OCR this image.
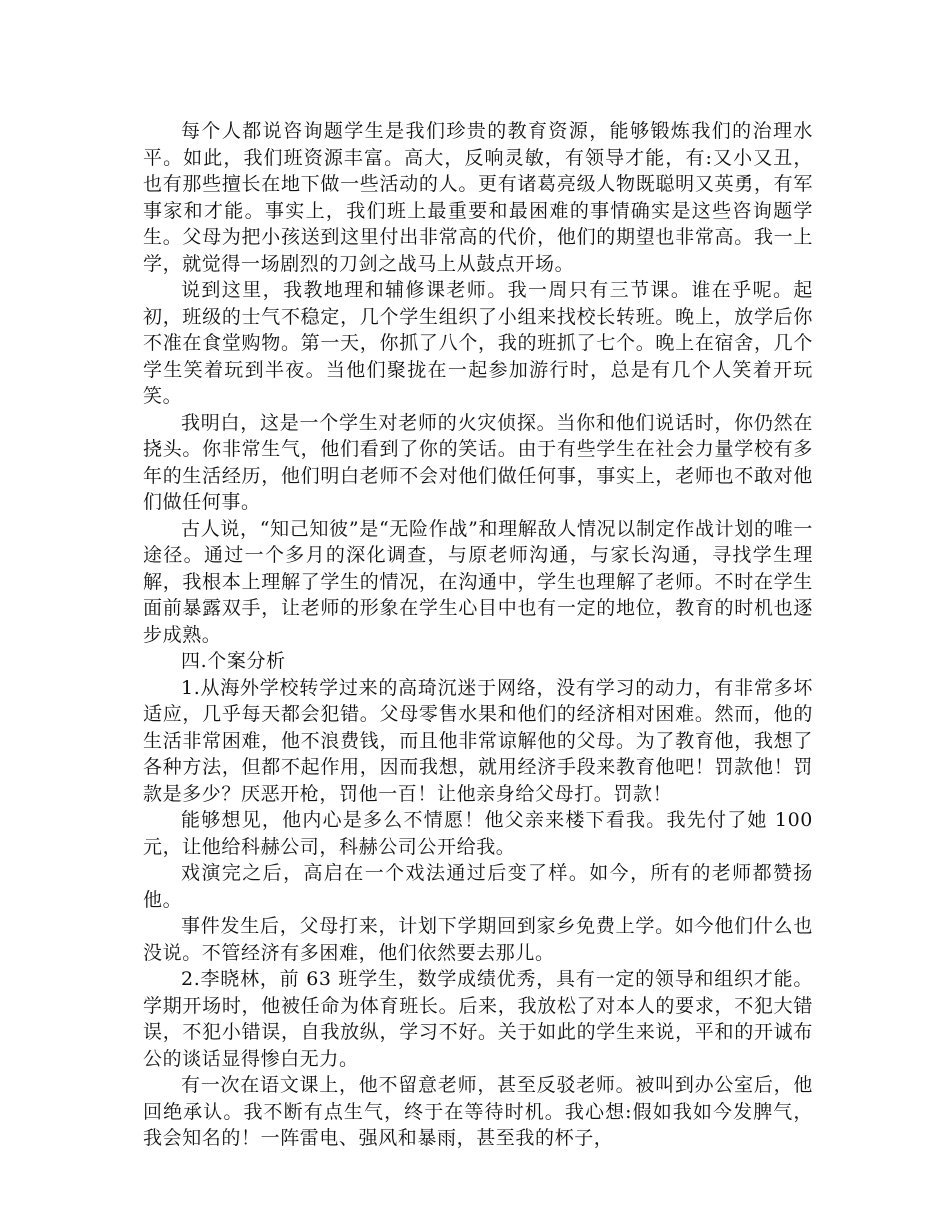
每个人都说咨询题学生是我们珍贵的教育资源，能够锻炼我们的治理水平。如此，我们班资源丰富。高大，反响灵敏，有领导才能，有:又小又丑，也有那些擅长在地下做一些活动的人。更有诸葛亮级人物既聪明又英勇，有军事家和才能。事实上，我们班上最重要和最困难的事情确实是这些咨询题学生。父母为把小孩送到这里付出非常高的代价，他们的期望也非常高。我一上学，就觉得一场剧烈的刀剑之战马上从鼓点开场。

说到这里，我教地理和辅修课老师。我一周只有三节课。谁在乎呢。起初，班级的士气不稳定，几个学生组织了小组来找校长转班。晚上，放学后你不准在食堂购物。第一天，你抓了八个，我的班抓了七个。晚上在宿舍，几个学生笑着玩到半夜。当他们聚拢在一起参加游行时，总是有几个人笑着开玩笑。

我明白，这是一个学生对老师的火灾侦探。当你和他们说话时，你仍然在挠头。你非常生气，他们看到了你的笑话。由于有些学生在社会力量学校有多年的生活经历，他们明白老师不会对他们做任何事，事实上，老师也不敢对他们做任何事。

古人说，“知己知彼”是“无险作战”和理解敌人情况以制定作战计划的唯一途径。通过一个多月的深化调查，与原老师沟通，与家长沟通，寻找学生理解，我根本上理解了学生的情况，在沟通中，学生也理解了老师。不时在学生面前暴露双手，让老师的形象在学生心目中也有一定的地位，教育的时机也逐步成熟。

四.个案分析

1.从海外学校转学过来的高琦沉迷于网络，没有学习的动力，有非常多坏适应，几乎每天都会犯错。父母零售水果和他们的经济相对困难。然而，他的生活非常困难，他不浪费钱，而且他非常谅解他的父母。为了教育他，我想了各种方法，但都不起作用，因而我想，就用经济手段来教育他吧！罚款他！罚款是多少？厌恶开枪，罚他一百！让他亲身给父母打。罚款！

能够想见，他内心是多么不情愿！他父亲来楼下看我。我先付了她 100 元，让他给科赫公司，科赫公司公开给我。

戏演完之后，高启在一个戏法通过后变了样。如今，所有的老师都赞扬他。

事件发生后，父母打来，计划下学期回到家乡免费上学。如今他们什么也没说。不管经济有多困难，他们依然要去那儿。

2.李晓林，前 63 班学生，数学成绩优秀，具有一定的领导和组织才能。学期开场时，他被任命为体育班长。后来，我放松了对本人的要求，不犯大错误，不犯小错误，自我放纵，学习不好。关于如此的学生来说，平和的开诚布公的谈话显得惨白无力。

有一次在语文课上，他不留意老师，甚至反驳老师。被叫到办公室后，他回绝承认。我不断有点生气，终于在等待时机。我心想:假如我如今发脾气，我会知名的！一阵雷电、强风和暴雨，甚至我的杯子，
